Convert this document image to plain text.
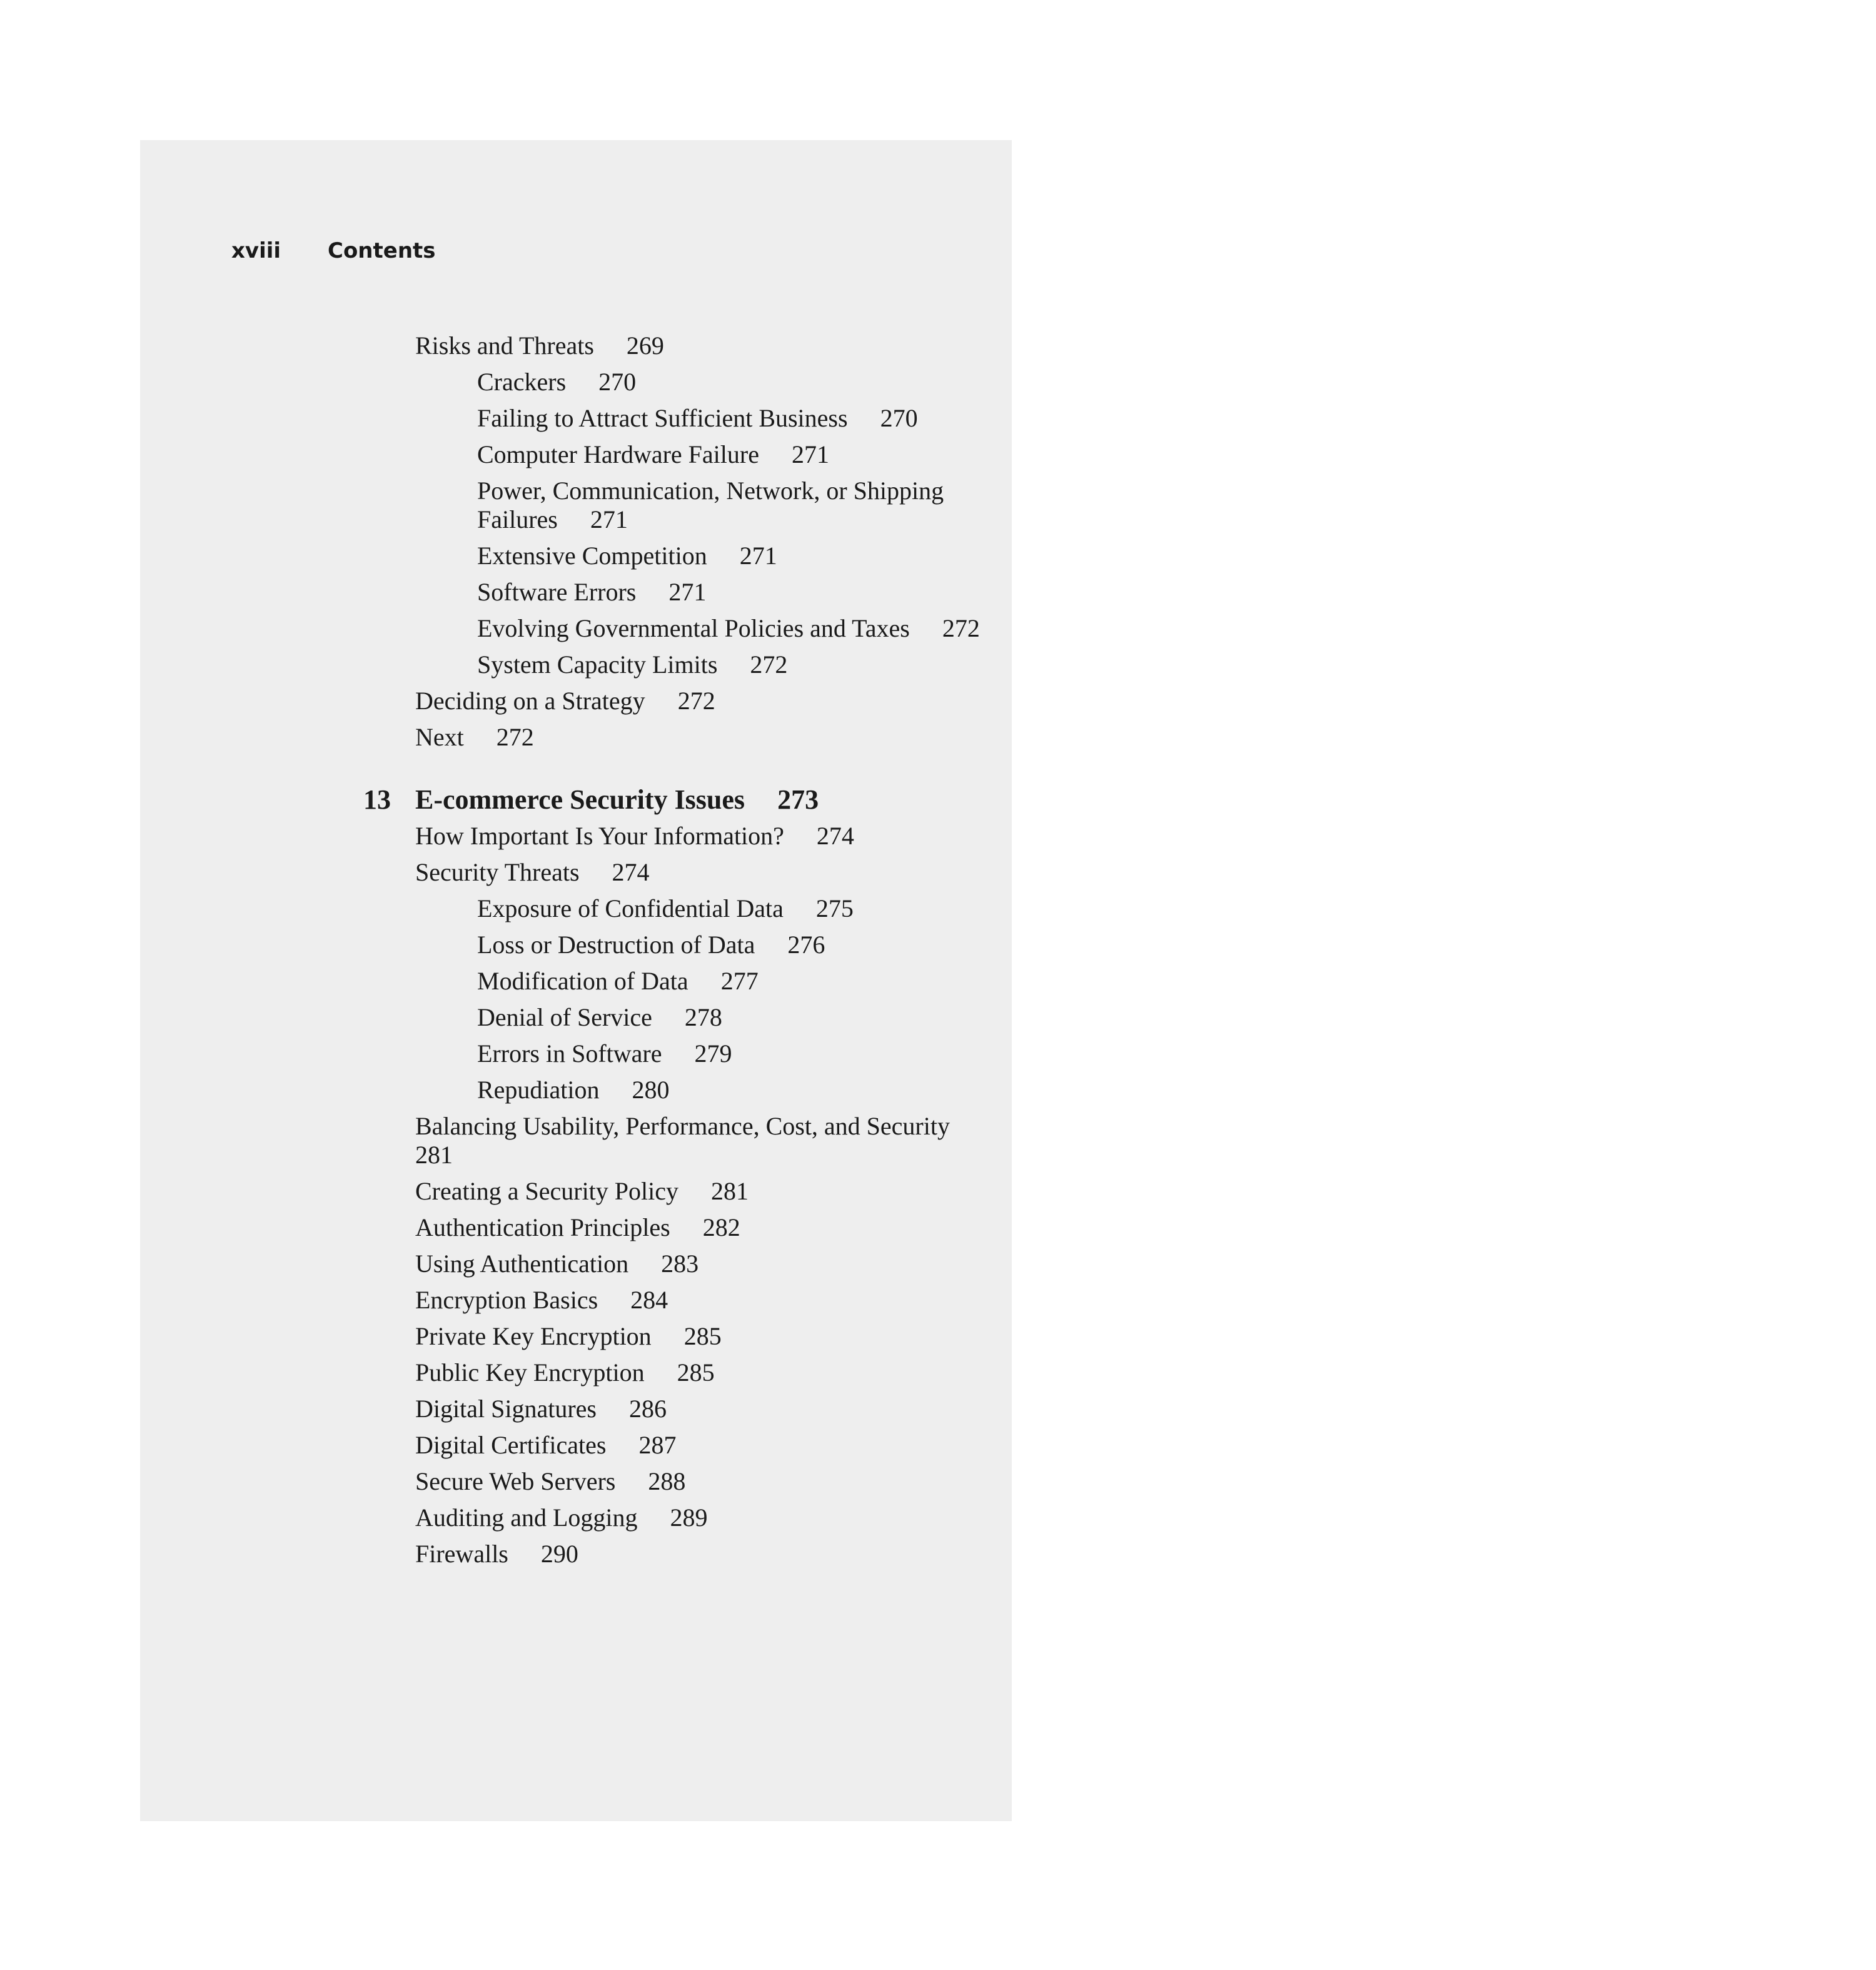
xviii Contents
Risks and Threats 269
Crackers 270
Failing to Attract Sufficient Business 270
Computer Hardware Failure 271
Power, Communication, Network, or Shipping Failures 271
Extensive Competition 271
Software Errors 271
Evolving Governmental Policies and Taxes 272
System Capacity Limits 272
Deciding on a Strategy 272
Next 272
13 E-commerce Security Issues 273
How Important Is Your Information? 274
Security Threats 274
Exposure of Confidential Data 275
Loss or Destruction of Data 276
Modification of Data 277
Denial of Service 278
Errors in Software 279
Repudiation 280
Balancing Usability, Performance, Cost, and Security
281
Creating a Security Policy 281
Authentication Principles 282
Using Authentication 283
Encryption Basics 284
Private Key Encryption 285
Public Key Encryption 285
Digital Signatures 286
Digital Certificates 287
Secure Web Servers 288
Auditing and Logging 289
Firewalls 290
